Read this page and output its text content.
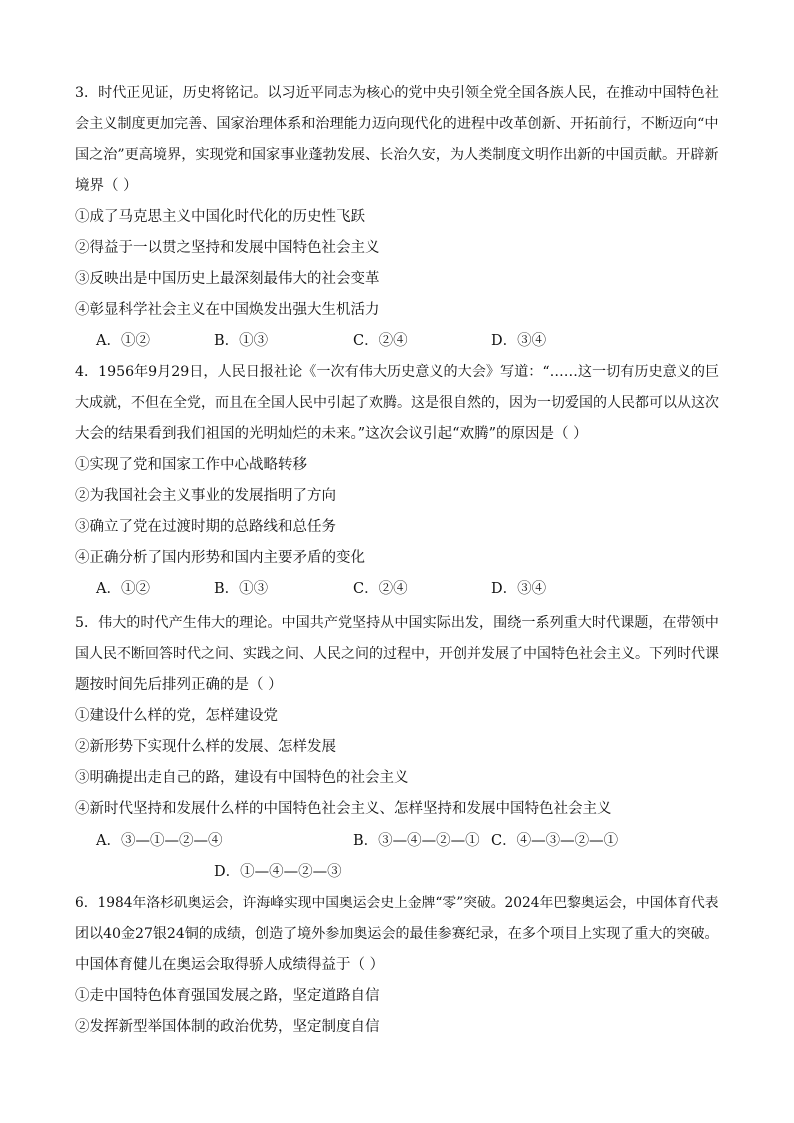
3．时代正见证，历史将铭记。以习近平同志为核心的党中央引领全党全国各族人民，在推动中国特色社
会主义制度更加完善、国家治理体系和治理能力迈向现代化的进程中改革创新、开拓前行，不断迈向“中
国之治”更高境界，实现党和国家事业蓬勃发展、长治久安，为人类制度文明作出新的中国贡献。开辟新
境界（ ）
①成了马克思主义中国化时代化的历史性飞跃
②得益于一以贯之坚持和发展中国特色社会主义
③反映出是中国历史上最深刻最伟大的社会变革
④彰显科学社会主义在中国焕发出强大生机活力
A．①②	B．①③	C．②④	D．③④
4．1956年9月29日，人民日报社论《一次有伟大历史意义的大会》写道：“……这一切有历史意义的巨
大成就，不但在全党，而且在全国人民中引起了欢腾。这是很自然的，因为一切爱国的人民都可以从这次
大会的结果看到我们祖国的光明灿烂的未来。”这次会议引起“欢腾”的原因是（ ）
①实现了党和国家工作中心战略转移
②为我国社会主义事业的发展指明了方向
③确立了党在过渡时期的总路线和总任务
④正确分析了国内形势和国内主要矛盾的变化
A．①②	B．①③	C．②④	D．③④
5．伟大的时代产生伟大的理论。中国共产党坚持从中国实际出发，围绕一系列重大时代课题，在带领中
国人民不断回答时代之问、实践之问、人民之问的过程中，开创并发展了中国特色社会主义。下列时代课
题按时间先后排列正确的是（ ）
①建设什么样的党，怎样建设党
②新形势下实现什么样的发展、怎样发展
③明确提出走自己的路，建设有中国特色的社会主义
④新时代坚持和发展什么样的中国特色社会主义、怎样坚持和发展中国特色社会主义
A．③—①—②—④	B．③—④—②—① C．④—③—②—①
D．①—④—②—③
6．1984年洛杉矶奥运会，许海峰实现中国奥运会史上金牌“零”突破。2024年巴黎奥运会，中国体育代表
团以40金27银24铜的成绩，创造了境外参加奥运会的最佳参赛纪录，在多个项目上实现了重大的突破。
中国体育健儿在奥运会取得骄人成绩得益于（ ）
①走中国特色体育强国发展之路，坚定道路自信
②发挥新型举国体制的政治优势，坚定制度自信
